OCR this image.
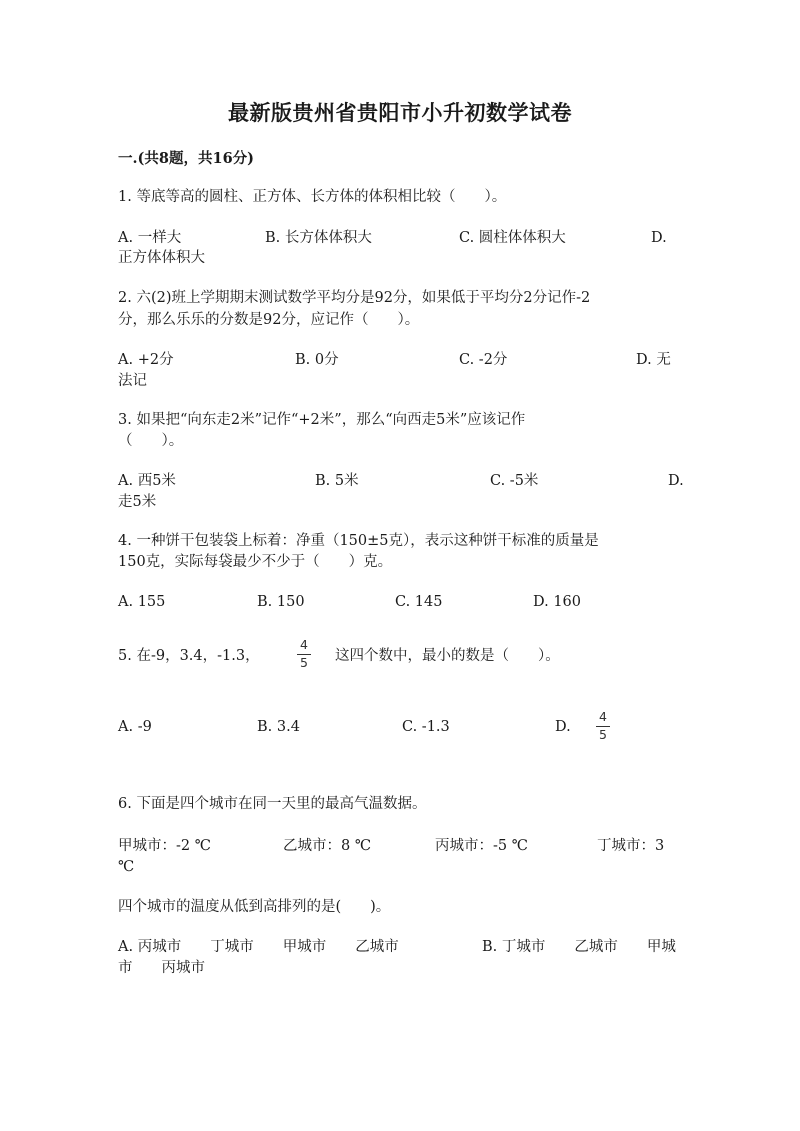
最新版贵州省贵阳市小升初数学试卷
一.(共8题，共16分)
1. 等底等高的圆柱、正方体、长方体的体积相比较（　　）。
A. 一样大	B. 长方体体积大	C. 圆柱体体积大	D.
正方体体积大
2. 六(2)班上学期期末测试数学平均分是92分，如果低于平均分2分记作-2
分，那么乐乐的分数是92分，应记作（　　）。
A. +2分	B. 0分	C. -2分	D. 无
法记
3. 如果把“向东走2米”记作“+2米”，那么“向西走5米”应该记作
（　　）。
A. 西5米	B. 5米	C. -5米	D.
走5米
4. 一种饼干包装袋上标着：净重（150±5克），表示这种饼干标准的质量是
150克，实际每袋最少不少于（　　）克。
A. 155	B. 150	C. 145	D. 160
5. 在-9，3.4，-1.3，
4
5 这四个数中，最小的数是（　　）。
A. -9	B. 3.4	C. -1.3	D.
4
5
6. 下面是四个城市在同一天里的最高气温数据。
甲城市：-2 ℃	乙城市：8 ℃	丙城市：-5 ℃	丁城市：3
℃
四个城市的温度从低到高排列的是(　　)。
A. 丙城市　　丁城市　　甲城市　　乙城市	B. 丁城市　　乙城市　　甲城
市　　丙城市
